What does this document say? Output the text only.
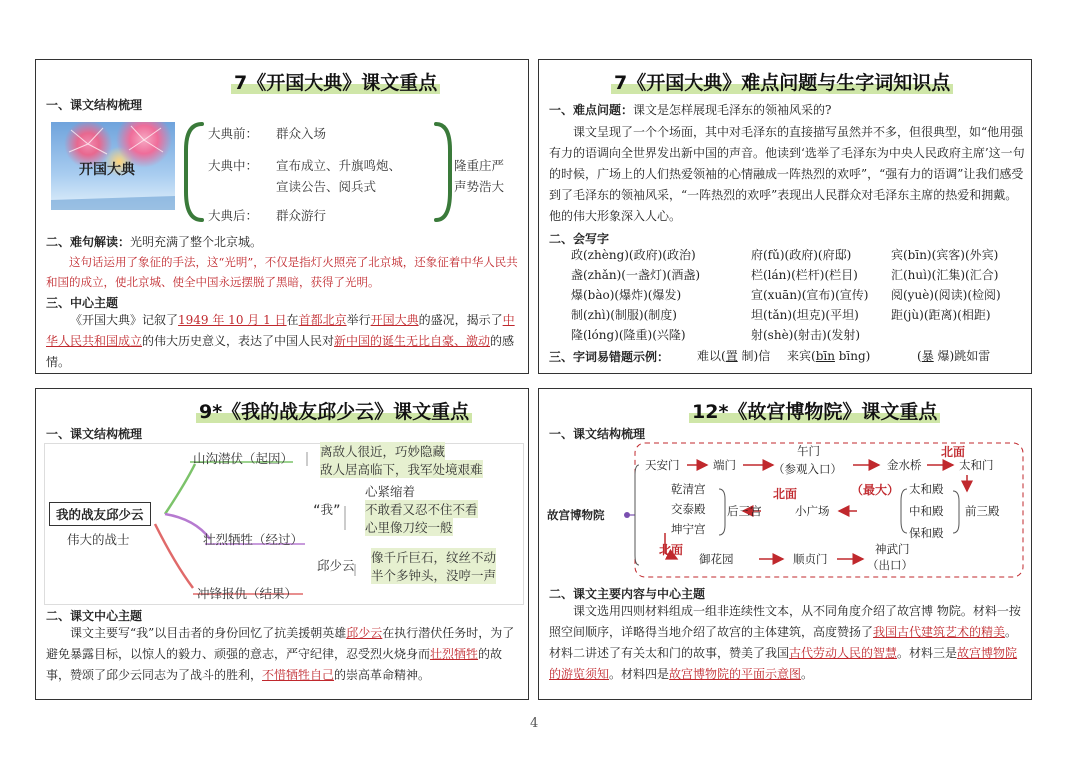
7《开国大典》课文重点
一、课文结构梳理
开国大典
大典前： 群众入场
大典中： 宣布成立、升旗鸣炮、
宣读公告、阅兵式
大典后： 群众游行
隆重庄严
声势浩大
二、难句解读：光明充满了整个北京城。
这句话运用了象征的手法，这“光明”，不仅是指灯火照亮了北京城，还象征着中华人民共和国的成立，使北京城、使全中国永远摆脱了黑暗，获得了光明。
三、中心主题
《开国大典》记叙了1949 年 10 月 1 日在首都北京举行开国大典的盛况，揭示了中华人民共和国成立的伟大历史意义，表达了中国人民对新中国的诞生无比自豪、激动的感情。
7《开国大典》难点问题与生字词知识点
一、难点问题：课文是怎样展现毛泽东的领袖风采的?
课文呈现了一个个场面，其中对毛泽东的直接描写虽然并不多，但很典型，如“他用强有力的语调向全世界发出新中国的声音。他读到‘选举了毛泽东为中央人民政府主席’这一句的时候，广场上的人们热爱领袖的心情融成一阵热烈的欢呼”，“强有力的语调”让我们感受到了毛泽东的领袖风采，“一阵热烈的欢呼”表现出人民群众对毛泽东主席的热爱和拥戴。他的伟大形象深入人心。
二、会写字
政(zhèng)(政府)(政治)	府(fǔ)(政府)(府邸)	宾(bīn)(宾客)(外宾)
盏(zhǎn)(一盏灯)(酒盏)	栏(lán)(栏杆)(栏目)	汇(huì)(汇集)(汇合)
爆(bào)(爆炸)(爆发)	宣(xuān)(宣布)(宣传) 阅(yuè)(阅读)(检阅)
制(zhì)(制服)(制度)	坦(tǎn)(坦克)(平坦)	距(jù)(距离)(相距)
隆(lóng)(隆重)(兴隆)	射(shè)(射击)(发射)
三、字词易错题示例： 难以(置 制)信 来宾(bīn bīng)	(暴 爆)跳如雷
9*《我的战友邱少云》课文重点
一、课文结构梳理
我的战友邱少云
伟大的战士
山沟潜伏（起因） 离敌人很近，巧妙隐藏
敌人居高临下，我军处境艰难
壮烈牺牲（经过）
“我”
心紧缩着
不敢看又忍不住不看
心里像刀绞一般
邱少云
像千斤巨石，纹丝不动
半个多钟头，没哼一声
冲锋报仇（结果）
二、课文中心主题
课文主要写“我”以目击者的身份回忆了抗美援朝英雄邱少云在执行潜伏任务时，为了避免暴露目标，以惊人的毅力、顽强的意志，严守纪律，忍受烈火烧身而壮烈牺牲的故事，赞颂了邱少云同志为了战斗的胜利，不惜牺牲自己的崇高革命精神。
12*《故宫博物院》课文重点
一、课文结构梳理
故宫博物院
天安门	端门
午门
（参观入口）	金水桥
北面
太和门
（最大） 太和殿
中和殿
保和殿
前三殿
小广场
北面
乾清宫
交泰殿
坤宁宫
后三宫
北面
御花园	顺贞门
神武门
（出口）
二、课文主要内容与中心主题
课文选用四则材料组成一组非连续性文本，从不同角度介绍了故宫博 物院。材料一按照空间顺序，详略得当地介绍了故宫的主体建筑，高度赞扬了我国古代建筑艺术的精美。材料二讲述了有关太和门的故事，赞美了我国古代劳动人民的智慧。材料三是故宫博物院的游览须知。材料四是故宫博物院的平面示意图。
4
